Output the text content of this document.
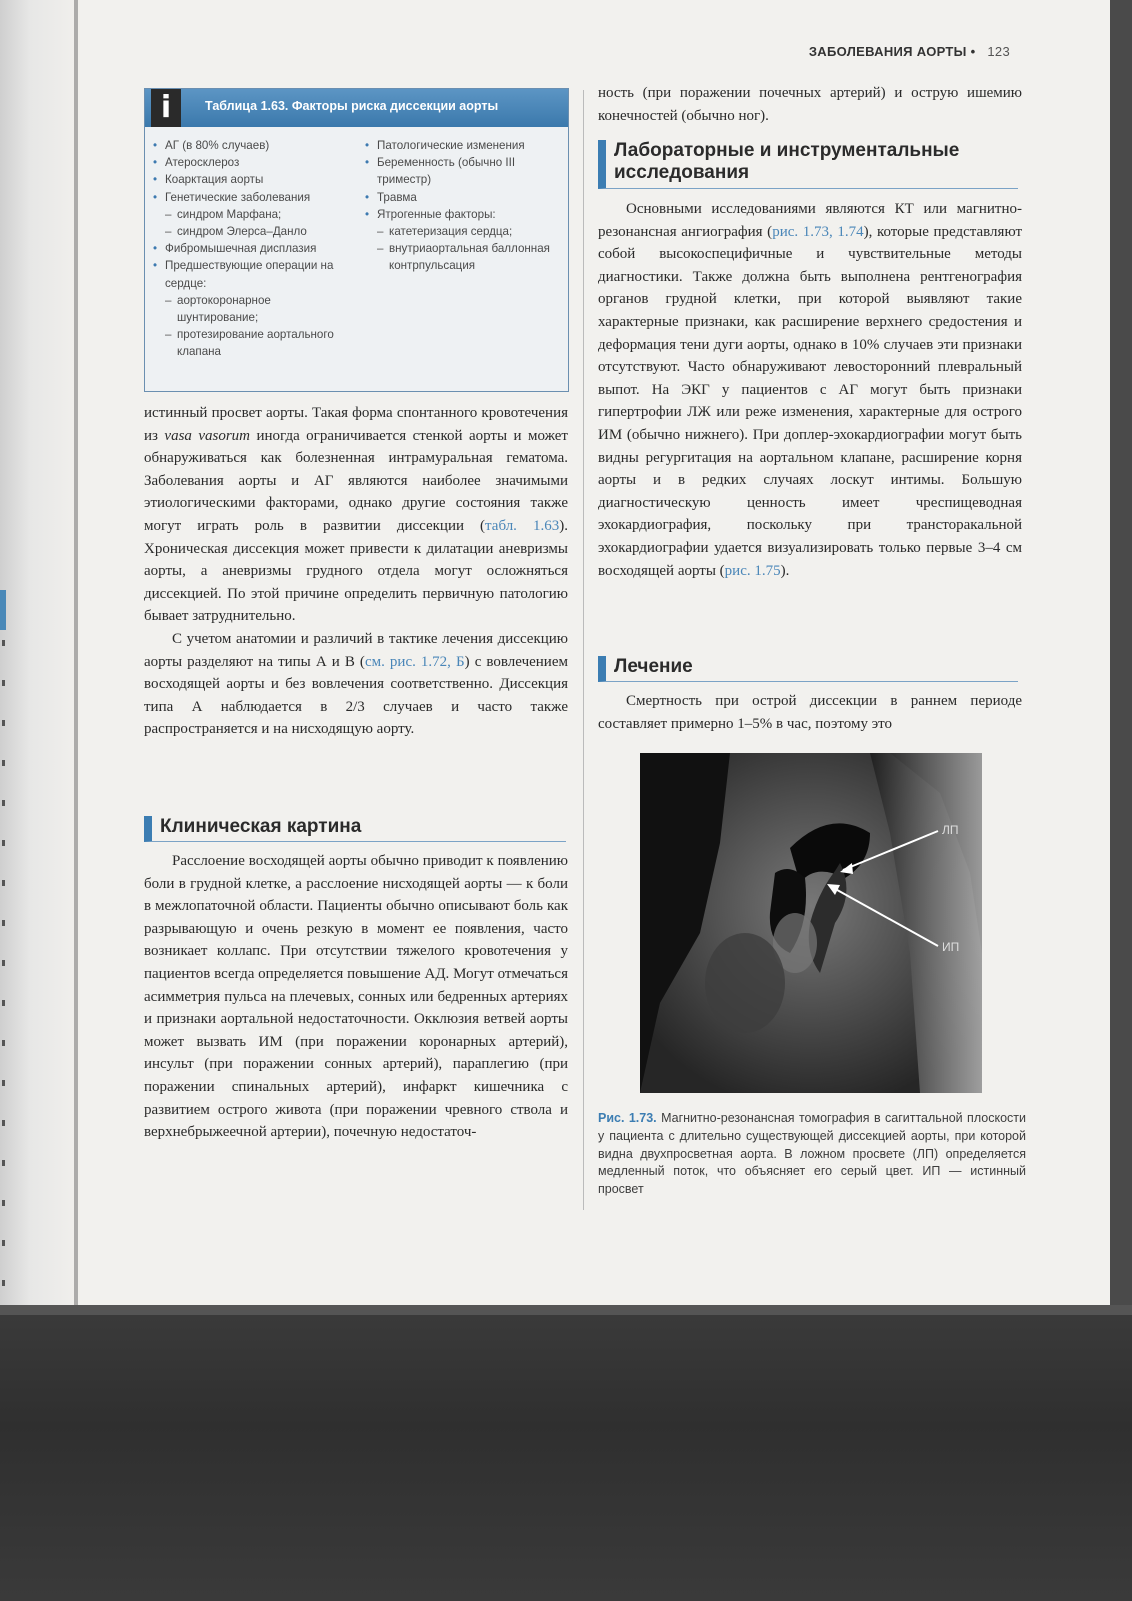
ЗАБОЛЕВАНИЯ АОРТЫ • 123
i	Таблица 1.63. Факторы риска диссекции аорты
• АГ (в 80% случаев)
• Атеросклероз
• Коарктация аорты
• Генетические заболевания
– синдром Марфана;
– синдром Элерса–Данло
• Фибромышечная дисплазия
• Предшествующие операции на сердце:
– аортокоронарное шунтирование;
– протезирование аортального клапана
• Патологические изменения
• Беременность (обычно III триместр)
• Травма
• Ятрогенные факторы:
– катетеризация сердца;
– внутриаортальная баллонная контрпульсация

истинный просвет аорты. Такая форма спонтанного кровотечения из vasa vasorum иногда ограничивается стенкой аорты и может обнаруживаться как болезненная интрамуральная гематома. Заболевания аорты и АГ являются наиболее значимыми этиологическими факторами, однако другие состояния также могут играть роль в развитии диссекции (табл. 1.63). Хроническая диссекция может привести к дилатации аневризмы аорты, а аневризмы грудного отдела могут осложняться диссекцией. По этой причине определить первичную патологию бывает затруднительно.

С учетом анатомии и различий в тактике лечения диссекцию аорты разделяют на типы А и В (см. рис. 1.72, Б) с вовлечением восходящей аорты и без вовлечения соответственно. Диссекция типа А наблюдается в 2/3 случаев и часто также распространяется и на нисходящую аорту.

Клиническая картина

Расслоение восходящей аорты обычно приводит к появлению боли в грудной клетке, а расслоение нисходящей аорты — к боли в межлопаточной области. Пациенты обычно описывают боль как разрывающую и очень резкую в момент ее появления, часто возникает коллапс. При отсутствии тяжелого кровотечения у пациентов всегда определяется повышение АД. Могут отмечаться асимметрия пульса на плечевых, сонных или бедренных артериях и признаки аортальной недостаточности. Окклюзия ветвей аорты может вызвать ИМ (при поражении коронарных артерий), инсульт (при поражении сонных артерий), параплегию (при поражении спинальных артерий), инфаркт кишечника с развитием острого живота (при поражении чревного ствола и верхнебрыжеечной артерии), почечную недостаточ-

ность (при поражении почечных артерий) и острую ишемию конечностей (обычно ног).

Лабораторные и инструментальные исследования

Основными исследованиями являются КТ или магнитно-резонансная ангиография (рис. 1.73, 1.74), которые представляют собой высокоспецифичные и чувствительные методы диагностики. Также должна быть выполнена рентгенография органов грудной клетки, при которой выявляют такие характерные признаки, как расширение верхнего средостения и деформация тени дуги аорты, однако в 10% случаев эти признаки отсутствуют. Часто обнаруживают левосторонний плевральный выпот. На ЭКГ у пациентов с АГ могут быть признаки гипертрофии ЛЖ или реже изменения, характерные для острого ИМ (обычно нижнего). При доплер-эхокардиографии могут быть видны регургитация на аортальном клапане, расширение корня аорты и в редких случаях лоскут интимы. Большую диагностическую ценность имеет чреспищеводная эхокардиография, поскольку при трансторакальной эхокардиографии удается визуализировать только первые 3–4 см восходящей аорты (рис. 1.75).

Лечение

Смертность при острой диссекции в раннем периоде составляет примерно 1–5% в час, поэтому это

ЛП
ИП
Рис. 1.73. Магнитно-резонансная томография в сагиттальной плоскости у пациента с длительно существующей диссекцией аорты, при которой видна двухпросветная аорта. В ложном просвете (ЛП) определяется медленный поток, что объясняет его серый цвет. ИП — истинный просвет
